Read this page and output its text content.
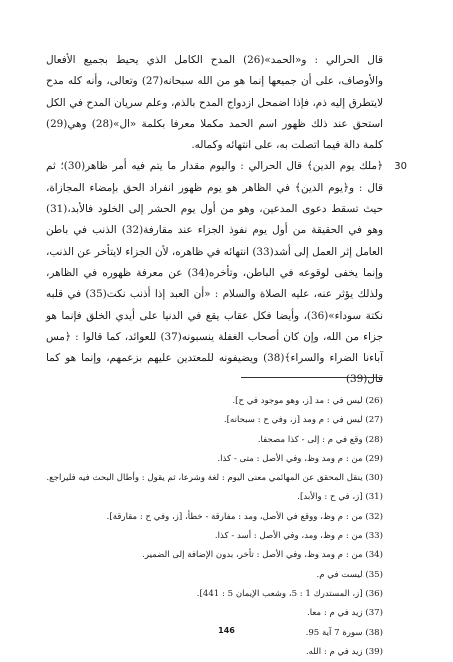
قال الحرالي : و«الحمد»(26) المدح الكامل الذي يحيط بجميع الأفعال والأوصاف، على أن جميعها إنما هو من الله سبحانه(27) وتعالى، وأنه كله مدح لايتطرق إليه ذم، فإذا اضمحل ازدواج المدح بالذم، وعلم سريان المدح في الكل استحق عند ذلك ظهور اسم الحمد مكملا معرفا بكلمة «ال»(28) وهي(29) كلمة دالة فيما اتصلت به، على انتهائه وكماله.

30

﴿ملك يوم الدين﴾ قال الحرالي : واليوم مقدار ما يتم فيه أمر ظاهر(30)؛ ثم قال : و﴿يوم الدين﴾ في الظاهر هو يوم ظهور انفراد الحق بإمضاء المجازاة، حيث تسقط دعوى المدعين، وهو من أول يوم الحشر إلى الخلود فالأبد،(31) وهو في الحقيقة من أول يوم نفوذ الجزاء عند مقارفة(32) الذنب في باطن العامل إثر العمل إلى أشد(33) انتهائه في ظاهره، لأن الجزاء لايتأخر عن الذنب، وإنما يخفى لوقوعه في الباطن، وتأخره(34) عن معرفة ظهوره في الظاهر، ولذلك يؤثر عنه، عليه الصلاة والسلام : «أن العبد إذا أذنب نكت(35) في قلبه نكتة سوداء»(36)، وأيضا فكل عقاب يقع في الدنيا على أيدي الخلق فإنما هو جزاء من الله، وإن كان أصحاب الغفلة ينسبونه(37) للعوائد، كما قالوا : ﴿مس آباءنا الضراء والسراء﴾(38) ويضيفونه للمعتدين عليهم بزعمهم، وإنما هو كما قال(39)

(26) ليس في : مد [ز، وهو موجود في ح].

(27) ليس في : م ومد [ز، وفي ح : سبحانه].

(28) وقع في م : إلى - كذا مصحفا.

(29) من : م ومد وظ، وفي الأصل : متى - كذا.

(30) ينقل المحقق عن المهائمي معنى اليوم : لغة وشرعا، ثم يقول : وأطال البحث فيه فليراجع.

(31) [ز، في ح : والأبد].

(32) من : م وظ، ووقع في الأصل، ومد : مفارقة - خطأ، [ز، وفي ح : مقارقة].

(33) من : م وظ، ومد، وفي الأصل : أسد - كذا.

(34) من : م ومد وظ، وفي الأصل : تأخر، بدون الإضافة إلى الضمير.

(35) ليست في م.

(36) [ز، المستدرك 1 : 5، وشعب الإيمان 5 : 441].

(37) زيد في م : معا.

(38) سورة 7 آية 95.

(39) زيد في م : الله.

146
